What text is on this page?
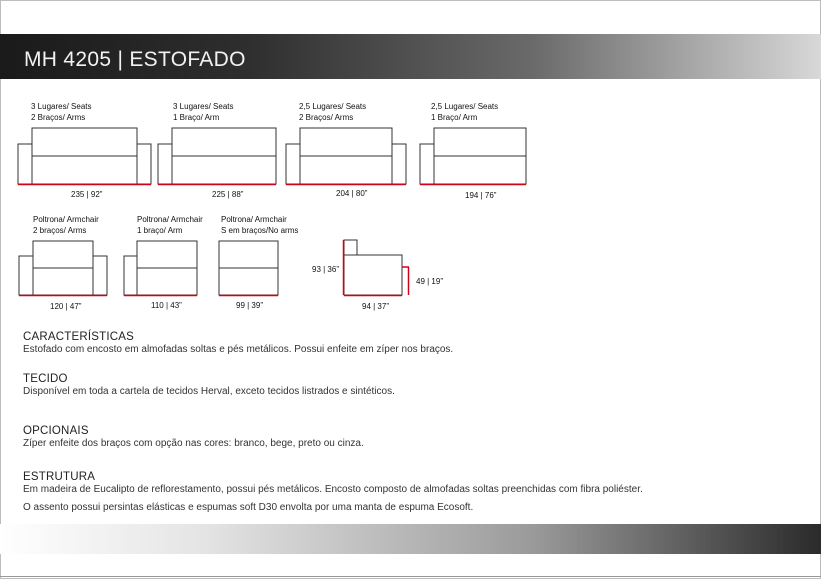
MH 4205 | ESTOFADO
3 Lugares/ Seats
2 Braços/ Arms
235 | 92”
3 Lugares/ Seats
1 Braço/ Arm
225 | 88”
2,5 Lugares/ Seats
2 Braços/ Arms
204 | 80”
2,5 Lugares/ Seats
1 Braço/ Arm
194 | 76”
Poltrona/ Armchair
2 braços/ Arms
120 | 47”
Poltrona/ Armchair
1 braço/ Arm
110 | 43”
Poltrona/ Armchair
S em braços/No arms
99 | 39”
93 | 36”
49 | 19”
94 | 37”
CARACTERÍSTICAS
Estofado com encosto em almofadas soltas e pés metálicos. Possui enfeite em zíper nos braços.
TECIDO
Disponível em toda a cartela de tecidos Herval, exceto tecidos listrados e sintéticos.
OPCIONAIS
Zíper enfeite dos braços com opção nas cores: branco, bege, preto ou cinza.
ESTRUTURA
Em madeira de Eucalipto de reflorestamento, possui pés metálicos. Encosto composto de almofadas soltas preenchidas com fibra poliéster.
O assento possui persintas elásticas e espumas soft D30 envolta por uma manta de espuma Ecosoft.
